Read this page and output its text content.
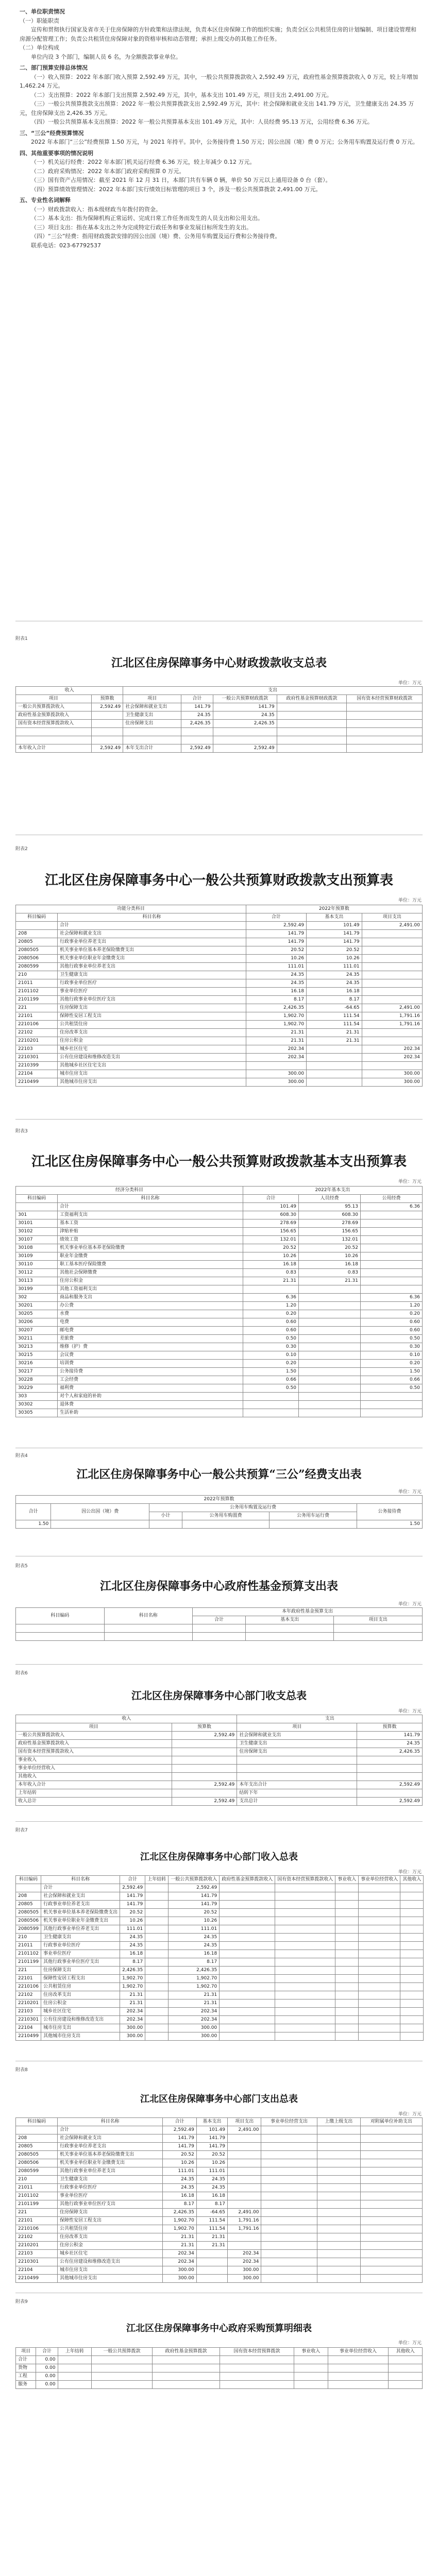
一、单位职责情况

（一）职能职责

宣传和贯彻执行国家及省市关于住房保障的方针政策和法律法规，负责本区住房保障工作的组织实施；负责全区公共租赁住房的计划编制、项目建设管理和房源分配管理工作；负责公共租赁住房保障对象的资格审核和动态管理；承担上级交办的其他工作任务。

（二）单位构成

单位内设 3 个部门，编制人员 6 名，为全额拨款事业单位。

二、部门预算安排总体情况

（一）收入预算：2022 年本部门收入预算 2,592.49 万元，其中，一般公共预算拨款收入 2,592.49 万元，政府性基金预算拨款收入 0 万元，较上年增加 1,462.24 万元。

（二）支出预算：2022 年本部门支出预算 2,592.49 万元，其中，基本支出 101.49 万元，项目支出 2,491.00 万元。

（三）一般公共预算拨款支出预算：2022 年一般公共预算拨款支出 2,592.49 万元，其中：社会保障和就业支出 141.79 万元，卫生健康支出 24.35 万元，住房保障支出 2,426.35 万元。

（四）一般公共预算基本支出预算：2022 年一般公共预算基本支出 101.49 万元，其中：人员经费 95.13 万元，公用经费 6.36 万元。

三、“三公”经费预算情况

2022 年本部门“三公”经费预算 1.50 万元，与 2021 年持平。其中，公务接待费 1.50 万元；因公出国（境）费 0 万元；公务用车购置及运行费 0 万元。

四、其他重要事项的情况说明

（一）机关运行经费：2022 年本部门机关运行经费 6.36 万元，较上年减少 0.12 万元。

（二）政府采购情况：2022 年本部门政府采购预算 0 万元。

（三）国有资产占用情况：截至 2021 年 12 月 31 日，本部门共有车辆 0 辆，单价 50 万元以上通用设备 0 台（套）。

（四）预算绩效管理情况：2022 年本部门实行绩效目标管理的项目 3 个，涉及一般公共预算拨款 2,491.00 万元。

五、专业性名词解释

（一）财政拨款收入：指本级财政当年拨付的资金。

（二）基本支出：指为保障机构正常运转、完成日常工作任务而发生的人员支出和公用支出。

（三）项目支出：指在基本支出之外为完成特定行政任务和事业发展目标所发生的支出。

（四）“三公”经费：指用财政拨款安排的因公出国（境）费、公务用车购置及运行费和公务接待费。

联系电话：023-67792537

附表1
江北区住房保障事务中心财政拨款收支总表
单位：万元
收入		支出				
项目	预算数	项目	合计	一般公共预算财政拨款	政府性基金预算财政拨款	国有资本经营预算财政拨款
一般公共预算拨款收入	2,592.49	社会保障和就业支出	141.79	141.79		
政府性基金预算拨款收入		卫生健康支出	24.35	24.35		
国有资本经营预算拨款收入		住房保障支出	2,426.35	2,426.35		

本年收入合计	2,592.49	本年支出合计	2,592.49	2,592.49		
附表2
江北区住房保障事务中心一般公共预算财政拨款支出预算表
单位：万元
功能分类科目		2022年预算数		
科目编码	科目名称	合计	基本支出	项目支出
	合计	2,592.49	101.49	2,491.00
208	社会保障和就业支出	141.79	141.79	
20805	行政事业单位养老支出	141.79	141.79	
2080505	机关事业单位基本养老保险缴费支出	20.52	20.52	
2080506	机关事业单位职业年金缴费支出	10.26	10.26	
2080599	其他行政事业单位养老支出	111.01	111.01	
210	卫生健康支出	24.35	24.35	
21011	行政事业单位医疗	24.35	24.35	
2101102	事业单位医疗	16.18	16.18	
2101199	其他行政事业单位医疗支出	8.17	8.17	
221	住房保障支出	2,426.35	-64.65	2,491.00
22101	保障性安居工程支出	1,902.70	111.54	1,791.16
2210106	公共租赁住房	1,902.70	111.54	1,791.16
22102	住房改革支出	21.31	21.31	
2210201	住房公积金	21.31	21.31	
22103	城乡社区住宅	202.34		202.34
2210301	公有住房建设和维修改造支出	202.34		202.34
2210399	其他城乡社区住宅支出			
22104	城市住房支出	300.00		300.00
2210499	其他城市住房支出	300.00		300.00
附表3
江北区住房保障事务中心一般公共预算财政拨款基本支出预算表
单位：万元
经济分类科目		2022年基本支出		
科目编码	科目名称	合计	人员经费	公用经费
	合计	101.49	95.13	6.36
301	工资福利支出	608.30	608.30	
30101	基本工资	278.69	278.69	
30102	津贴补贴	156.65	156.65	
30107	绩效工资	132.01	132.01	
30108	机关事业单位基本养老保险缴费	20.52	20.52	
30109	职业年金缴费	10.26	10.26	
30110	职工基本医疗保险缴费	16.18	16.18	
30112	其他社会保障缴费	0.83	0.83	
30113	住房公积金	21.31	21.31	
30199	其他工资福利支出			
302	商品和服务支出	6.36		6.36
30201	办公费	1.20		1.20
30205	水费	0.20		0.20
30206	电费	0.60		0.60
30207	邮电费	0.60		0.60
30211	差旅费	0.50		0.50
30213	维修（护）费	0.30		0.30
30215	会议费	0.10		0.10
30216	培训费	0.20		0.20
30217	公务接待费	1.50		1.50
30228	工会经费	0.66		0.66
30229	福利费	0.50		0.50
303	对个人和家庭的补助			
30302	退休费			
30305	生活补助			
附表4
江北区住房保障事务中心一般公共预算“三公”经费支出表
单位：万元
2022年预算数					
合计	因公出国（境）费	公务用车购置及运行费			公务接待费
		小计	公务用车购置费	公务用车运行费	
1.50					1.50
附表5
江北区住房保障事务中心政府性基金预算支出表
单位：万元
科目编码	科目名称	本年政府性基金预算支出		
		合计	基本支出	项目支出

附表6
江北区住房保障事务中心部门收支总表
单位：万元
收入		支出	
项目	预算数	项目	预算数
一般公共预算拨款收入	2,592.49	社会保障和就业支出	141.79
政府性基金预算拨款收入		卫生健康支出	24.35
国有资本经营预算拨款收入		住房保障支出	2,426.35
事业收入			
事业单位经营收入			
其他收入			
本年收入合计	2,592.49	本年支出合计	2,592.49
上年结转		结转下年	
收入总计	2,592.49	支出总计	2,592.49
附表7
江北区住房保障事务中心部门收入总表
单位：万元
科目编码	科目名称	合计	上年结转	一般公共预算拨款收入	政府性基金预算拨款收入	国有资本经营预算拨款收入	事业收入	事业单位经营收入	其他收入
	合计	2,592.49		2,592.49					
208	社会保障和就业支出	141.79		141.79					
20805	行政事业单位养老支出	141.79		141.79					
2080505	机关事业单位基本养老保险缴费支出	20.52		20.52					
2080506	机关事业单位职业年金缴费支出	10.26		10.26					
2080599	其他行政事业单位养老支出	111.01		111.01					
210	卫生健康支出	24.35		24.35					
21011	行政事业单位医疗	24.35		24.35					
2101102	事业单位医疗	16.18		16.18					
2101199	其他行政事业单位医疗支出	8.17		8.17					
221	住房保障支出	2,426.35		2,426.35					
22101	保障性安居工程支出	1,902.70		1,902.70					
2210106	公共租赁住房	1,902.70		1,902.70					
22102	住房改革支出	21.31		21.31					
2210201	住房公积金	21.31		21.31					
22103	城乡社区住宅	202.34		202.34					
2210301	公有住房建设和维修改造支出	202.34		202.34					
22104	城市住房支出	300.00		300.00					
2210499	其他城市住房支出	300.00		300.00					
附表8
江北区住房保障事务中心部门支出总表
单位：万元
科目编码	科目名称	合计	基本支出	项目支出	事业单位经营支出	上缴上级支出	对附属单位补助支出
	合计	2,592.49	101.49	2,491.00			
208	社会保障和就业支出	141.79	141.79				
20805	行政事业单位养老支出	141.79	141.79				
2080505	机关事业单位基本养老保险缴费支出	20.52	20.52				
2080506	机关事业单位职业年金缴费支出	10.26	10.26				
2080599	其他行政事业单位养老支出	111.01	111.01				
210	卫生健康支出	24.35	24.35				
21011	行政事业单位医疗	24.35	24.35				
2101102	事业单位医疗	16.18	16.18				
2101199	其他行政事业单位医疗支出	8.17	8.17				
221	住房保障支出	2,426.35	-64.65	2,491.00			
22101	保障性安居工程支出	1,902.70	111.54	1,791.16			
2210106	公共租赁住房	1,902.70	111.54	1,791.16			
22102	住房改革支出	21.31	21.31				
2210201	住房公积金	21.31	21.31				
22103	城乡社区住宅	202.34		202.34			
2210301	公有住房建设和维修改造支出	202.34		202.34			
22104	城市住房支出	300.00		300.00			
2210499	其他城市住房支出	300.00		300.00			
附表9
江北区住房保障事务中心政府采购预算明细表
单位：万元
项目	合计	上年结转	一般公共预算拨款	政府性基金预算拨款	国有资本经营预算拨款	事业收入	事业单位经营收入	其他收入
合计	0.00							
货物	0.00							
工程	0.00							
服务	0.00							
